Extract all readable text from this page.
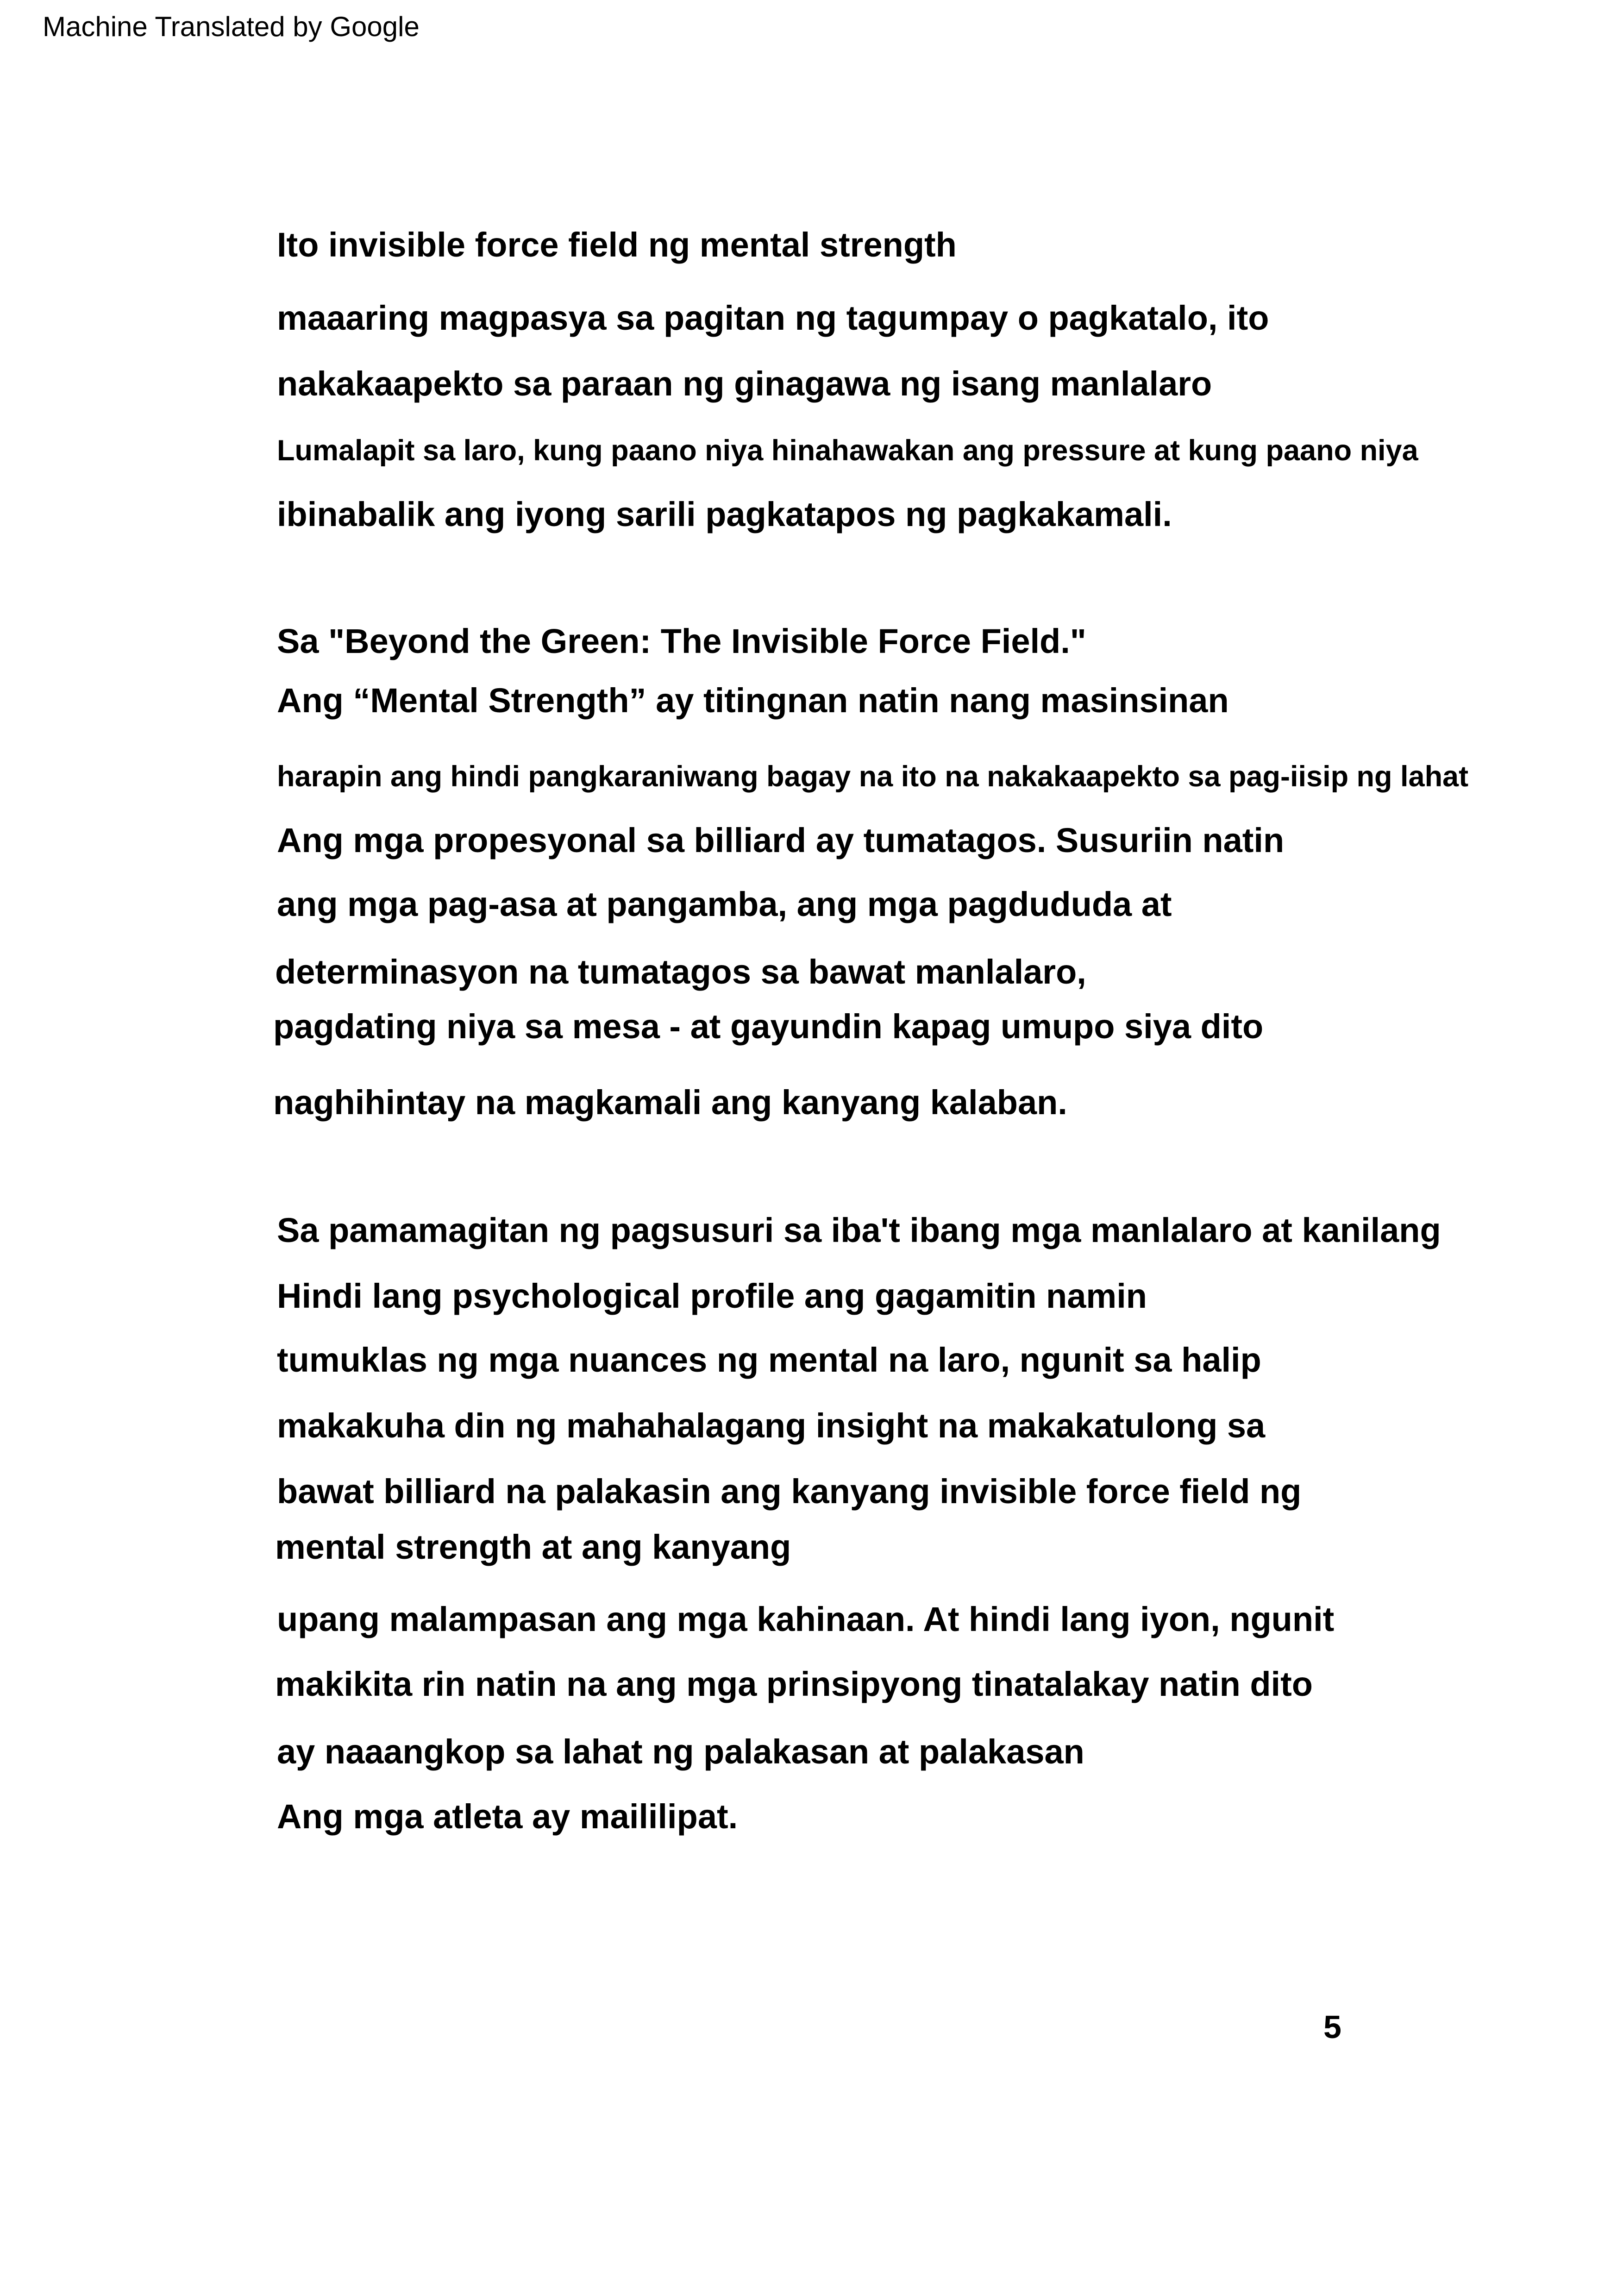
Machine Translated by Google
Ito invisible force field ng mental strength
maaaring magpasya sa pagitan ng tagumpay o pagkatalo, ito
nakakaapekto sa paraan ng ginagawa ng isang manlalaro
Lumalapit sa laro, kung paano niya hinahawakan ang pressure at kung paano niya
ibinabalik ang iyong sarili pagkatapos ng pagkakamali.
Sa "Beyond the Green: The Invisible Force Field."
Ang “Mental Strength” ay titingnan natin nang masinsinan
harapin ang hindi pangkaraniwang bagay na ito na nakakaapekto sa pag-iisip ng lahat
Ang mga propesyonal sa billiard ay tumatagos. Susuriin natin
ang mga pag-asa at pangamba, ang mga pagdududa at
determinasyon na tumatagos sa bawat manlalaro,
pagdating niya sa mesa - at gayundin kapag umupo siya dito
naghihintay na magkamali ang kanyang kalaban.
Sa pamamagitan ng pagsusuri sa iba't ibang mga manlalaro at kanilang
Hindi lang psychological profile ang gagamitin namin
tumuklas ng mga nuances ng mental na laro, ngunit sa halip
makakuha din ng mahahalagang insight na makakatulong sa
bawat billiard na palakasin ang kanyang invisible force field ng
mental strength at ang kanyang
upang malampasan ang mga kahinaan. At hindi lang iyon, ngunit
makikita rin natin na ang mga prinsipyong tinatalakay natin dito
ay naaangkop sa lahat ng palakasan at palakasan
Ang mga atleta ay maililipat.
5
